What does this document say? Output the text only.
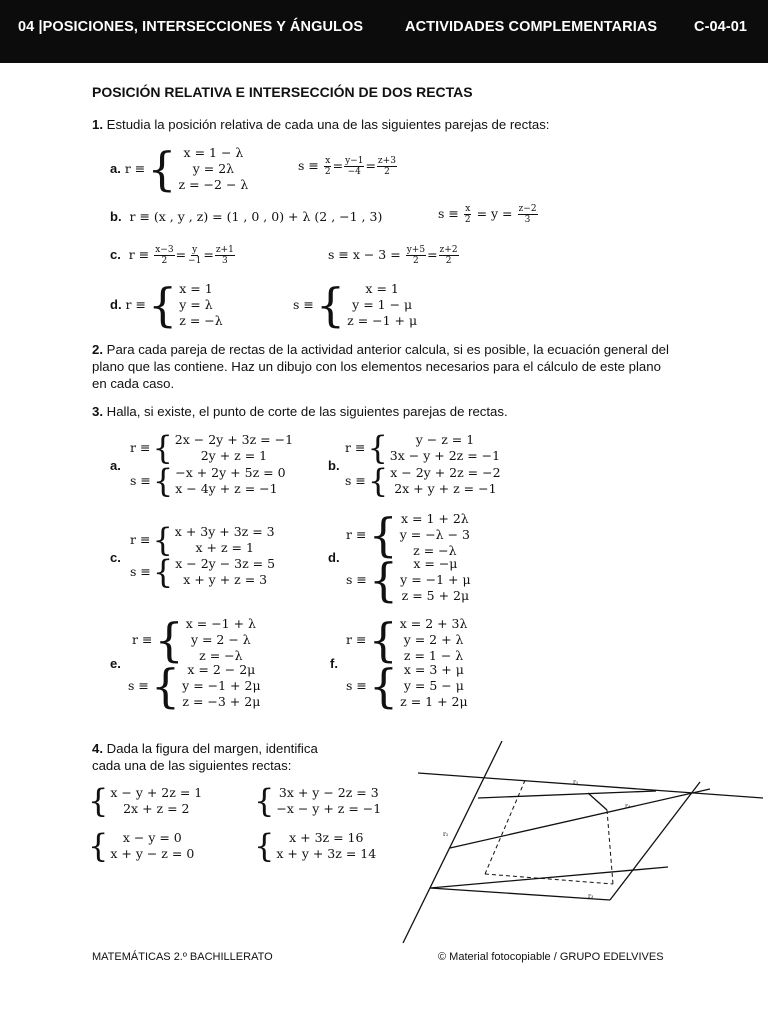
04 |POSICIONES, INTERSECCIONES Y ÁNGULOS	ACTIVIDADES COMPLEMENTARIAS	C-04-01
POSICIÓN RELATIVA E INTERSECCIÓN DE DOS RECTAS
1. Estudia la posición relativa de cada una de las siguientes parejas de rectas:
a.
r ≡ { x = 1 − λ
y = 2λ
z = −2 − λ
$s \equiv \frac{x}{2} = \frac{y-1}{-4} = \frac{z+3}{2}$
b. r ≡ (x , y , z) = (1 , 0 , 0) + λ (2 , −1 , 3)	$s \equiv \frac{x}{2} = y = \frac{z-2}{3}$
c. $r \equiv \frac{x-3}{2} = \frac{y}{-1} = \frac{z+1}{3}$	$s \equiv x - 3 = \frac{y+5}{2} = \frac{z+2}{2}$
d.
r ≡ { x = 1
y = λ
z = −λ
s ≡ { x = 1
y = 1 − μ
z = −1 + μ
2. Para cada pareja de rectas de la actividad anterior calcula, si es posible, la ecuación general del plano que las contiene. Haz un dibujo con los elementos necesarios para el cálculo de este plano en cada caso.
3. Halla, si existe, el punto de corte de las siguientes parejas de rectas.
a.
r ≡ { 2x − 2y + 3z = −1
2y + z = 1
s ≡ { −x + 2y + 5z = 0
x − 4y + z = −1
b.
r ≡ { y − z = 1
3x − y + 2z = −1
s ≡ { x − 2y + 2z = −2
2x + y + z = −1
c.
r ≡ { x + 3y + 3z = 3
x + z = 1
s ≡ { x − 2y − 3z = 5
x + y + z = 3
d.
r ≡ { x = 1 + 2λ
y = −λ − 3
z = −λ
s ≡ { x = −μ
y = −1 + μ
z = 5 + 2μ
e.
r ≡ { x = −1 + λ
y = 2 − λ
z = −λ
s ≡ { x = 2 − 2μ
y = −1 + 2μ
z = −3 + 2μ
f.
r ≡ { x = 2 + 3λ
y = 2 + λ
z = 1 − λ
s ≡ { x = 3 + μ
y = 5 − μ
z = 1 + 2μ
4. Dada la figura del margen, identifica
cada una de las siguientes rectas:
{ x − y + 2z = 1
2x + z = 2 { 3x + y − 2z = 3
−x − y + z = −1
{ x − y = 0
x + y − z = 0 { x + 3z = 16
x + y + 3z = 14
r₁
r₂
r₃
r₄
MATEMÁTICAS 2.º BACHILLERATO	© Material fotocopiable / GRUPO EDELVIVES
